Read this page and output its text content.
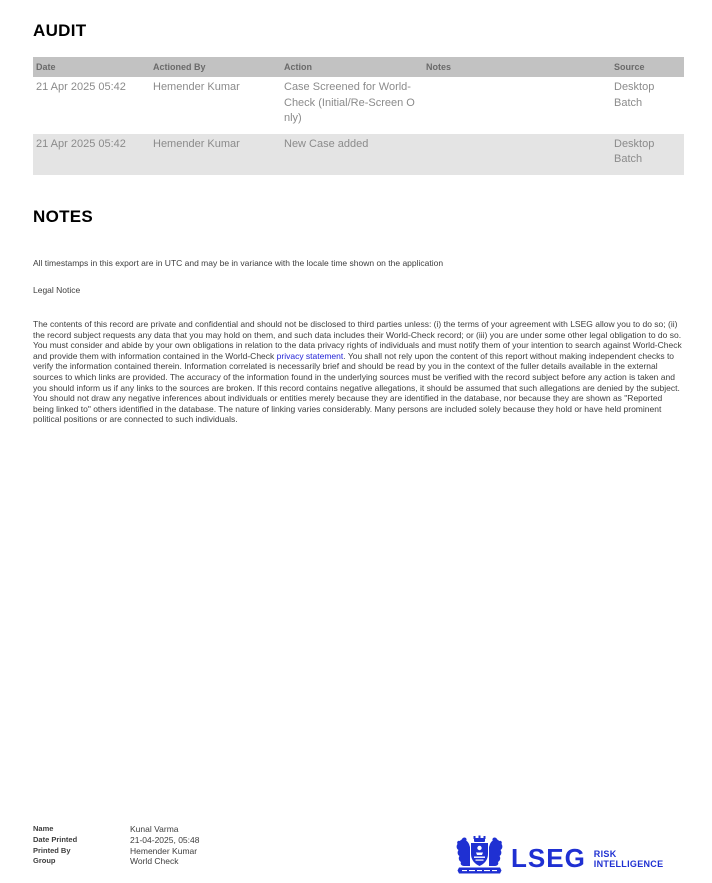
AUDIT
Date	Actioned By	Action	Notes	Source
21 Apr 2025 05:42	Hemender Kumar	Case Screened for World-Check (Initial/Re-Screen Only)		Desktop Batch
21 Apr 2025 05:42	Hemender Kumar	New Case added		Desktop Batch
NOTES
All timestamps in this export are in UTC and may be in variance with the locale time shown on the application
Legal Notice
The contents of this record are private and confidential and should not be disclosed to third parties unless: (i) the terms of your agreement with LSEG allow you to do so; (ii) the record subject requests any data that you may hold on them, and such data includes their World-Check record; or (iii) you are under some other legal obligation to do so. You must consider and abide by your own obligations in relation to the data privacy rights of individuals and must notify them of your intention to search against World-Check and provide them with information contained in the World-Check privacy statement. You shall not rely upon the content of this report without making independent checks to verify the information contained therein. Information correlated is necessarily brief and should be read by you in the context of the fuller details available in the external sources to which links are provided. The accuracy of the information found in the underlying sources must be verified with the record subject before any action is taken and you should inform us if any links to the sources are broken. If this record contains negative allegations, it should be assumed that such allegations are denied by the subject. You should not draw any negative inferences about individuals or entities merely because they are identified in the database, nor because they are shown as "Reported being linked to" others identified in the database. The nature of linking varies considerably. Many persons are included solely because they hold or have held prominent political positions or are connected to such individuals.
Name	Kunal Varma
Date Printed	21-04-2025, 05:48
Printed By	Hemender Kumar
Group	World Check	LSEG RISK
INTELLIGENCE
